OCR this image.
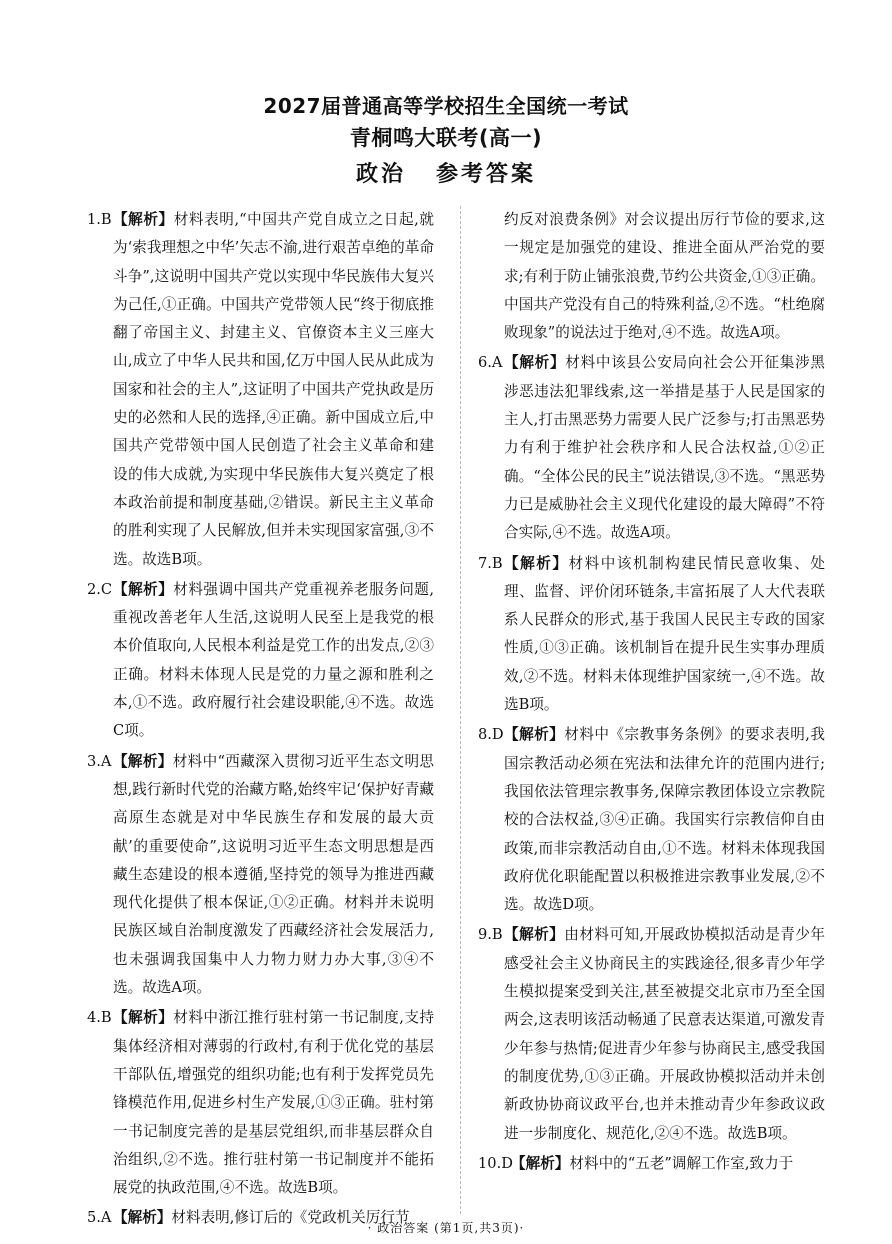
2027届普通高等学校招生全国统一考试
青桐鸣大联考(高一)
政治 参考答案
1.B 【解析】材料表明,“中国共产党自成立之日起,就为‘索我理想之中华’矢志不渝,进行艰苦卓绝的革命斗争”,这说明中国共产党以实现中华民族伟大复兴为己任,①正确。中国共产党带领人民“终于彻底推翻了帝国主义、封建主义、官僚资本主义三座大山,成立了中华人民共和国,亿万中国人民从此成为国家和社会的主人”,这证明了中国共产党执政是历史的必然和人民的选择,④正确。新中国成立后,中国共产党带领中国人民创造了社会主义革命和建设的伟大成就,为实现中华民族伟大复兴奠定了根本政治前提和制度基础,②错误。新民主主义革命的胜利实现了人民解放,但并未实现国家富强,③不选。故选B项。
2.C 【解析】材料强调中国共产党重视养老服务问题,重视改善老年人生活,这说明人民至上是我党的根本价值取向,人民根本利益是党工作的出发点,②③正确。材料未体现人民是党的力量之源和胜利之本,①不选。政府履行社会建设职能,④不选。故选C项。
3.A 【解析】材料中“西藏深入贯彻习近平生态文明思想,践行新时代党的治藏方略,始终牢记‘保护好青藏高原生态就是对中华民族生存和发展的最大贡献’的重要使命”,这说明习近平生态文明思想是西藏生态建设的根本遵循,坚持党的领导为推进西藏现代化提供了根本保证,①②正确。材料并未说明民族区域自治制度激发了西藏经济社会发展活力,也未强调我国集中人力物力财力办大事,③④不选。故选A项。
4.B 【解析】材料中浙江推行驻村第一书记制度,支持集体经济相对薄弱的行政村,有利于优化党的基层干部队伍,增强党的组织功能;也有利于发挥党员先锋模范作用,促进乡村生产发展,①③正确。驻村第一书记制度完善的是基层党组织,而非基层群众自治组织,②不选。推行驻村第一书记制度并不能拓展党的执政范围,④不选。故选B项。
5.A 【解析】材料表明,修订后的《党政机关厉行节
约反对浪费条例》对会议提出厉行节俭的要求,这一规定是加强党的建设、推进全面从严治党的要求;有利于防止铺张浪费,节约公共资金,①③正确。中国共产党没有自己的特殊利益,②不选。“杜绝腐败现象”的说法过于绝对,④不选。故选A项。
6.A 【解析】材料中该县公安局向社会公开征集涉黑涉恶违法犯罪线索,这一举措是基于人民是国家的主人,打击黑恶势力需要人民广泛参与;打击黑恶势力有利于维护社会秩序和人民合法权益,①②正确。“全体公民的民主”说法错误,③不选。“黑恶势力已是威胁社会主义现代化建设的最大障碍”不符合实际,④不选。故选A项。
7.B 【解析】材料中该机制构建民情民意收集、处理、监督、评价闭环链条,丰富拓展了人大代表联系人民群众的形式,基于我国人民民主专政的国家性质,①③正确。该机制旨在提升民生实事办理质效,②不选。材料未体现维护国家统一,④不选。故选B项。
8.D 【解析】材料中《宗教事务条例》的要求表明,我国宗教活动必须在宪法和法律允许的范围内进行;我国依法管理宗教事务,保障宗教团体设立宗教院校的合法权益,③④正确。我国实行宗教信仰自由政策,而非宗教活动自由,①不选。材料未体现我国政府优化职能配置以积极推进宗教事业发展,②不选。故选D项。
9.B 【解析】由材料可知,开展政协模拟活动是青少年感受社会主义协商民主的实践途径,很多青少年学生模拟提案受到关注,甚至被提交北京市乃至全国两会,这表明该活动畅通了民意表达渠道,可激发青少年参与热情;促进青少年参与协商民主,感受我国的制度优势,①③正确。开展政协模拟活动并未创新政协协商议政平台,也并未推动青少年参政议政进一步制度化、规范化,②④不选。故选B项。
10.D
【解析】材料中的“五老”调解工作室,致力于
· 政治答案 (第1页,共3页)·
